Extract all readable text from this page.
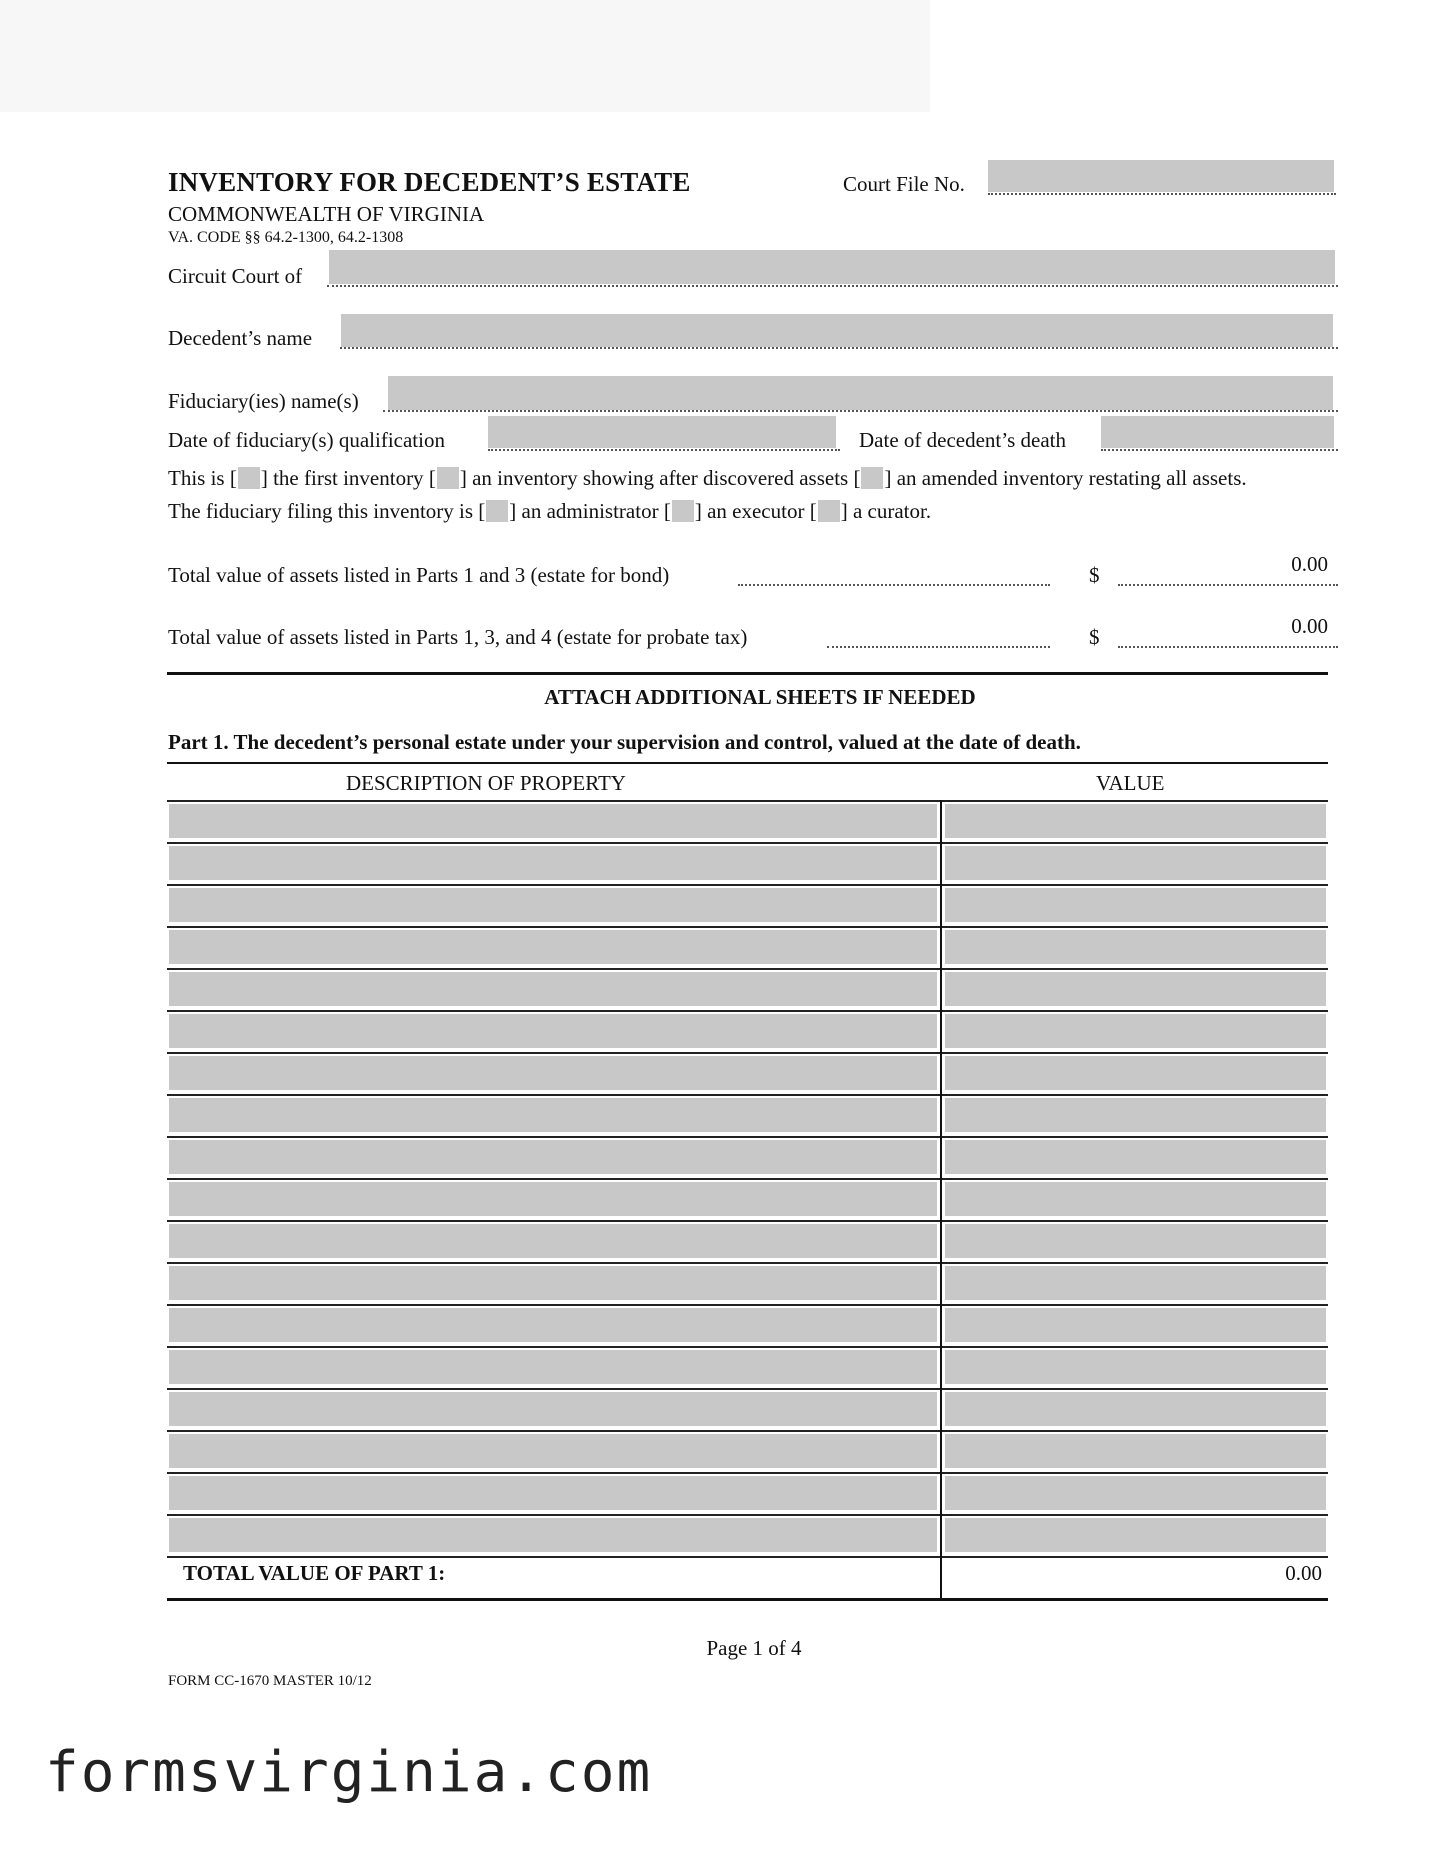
INVENTORY FOR DECEDENT’S ESTATE
COMMONWEALTH OF VIRGINIA
VA. CODE §§ 64.2-1300, 64.2-1308
Court File No.
Circuit Court of
Decedent’s name
Fiduciary(ies) name(s)
Date of fiduciary(s) qualification	Date of decedent’s death
This is [ ] the first inventory [ ] an inventory showing after discovered assets [ ] an amended inventory restating all assets.
The fiduciary filing this inventory is [ ] an administrator [ ] an executor [ ] a curator.
Total value of assets listed in Parts 1 and 3 (estate for bond)	$	0.00
Total value of assets listed in Parts 1, 3, and 4 (estate for probate tax)	$	0.00
ATTACH ADDITIONAL SHEETS IF NEEDED
Part 1. The decedent’s personal estate under your supervision and control, valued at the date of death.
DESCRIPTION OF PROPERTY	VALUE
TOTAL VALUE OF PART 1:	0.00
Page 1 of 4
FORM CC-1670 MASTER 10/12
formsvirginia.com
